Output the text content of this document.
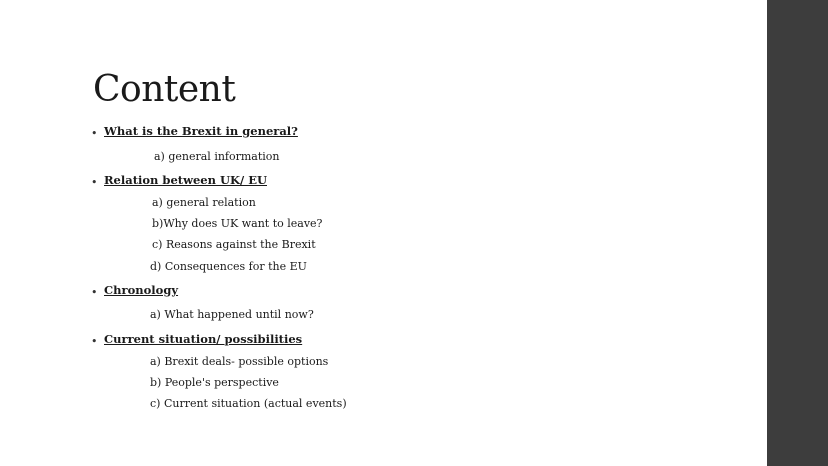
Content
• What is the Brexit in general?
a) general information
• Relation between UK/ EU
a) general relation
b)Why does UK want to leave?
c) Reasons against the Brexit
d) Consequences for the EU
• Chronology
a) What happened until now?
• Current situation/ possibilities
a) Brexit deals- possible options
b) People's perspective
c) Current situation (actual events)
